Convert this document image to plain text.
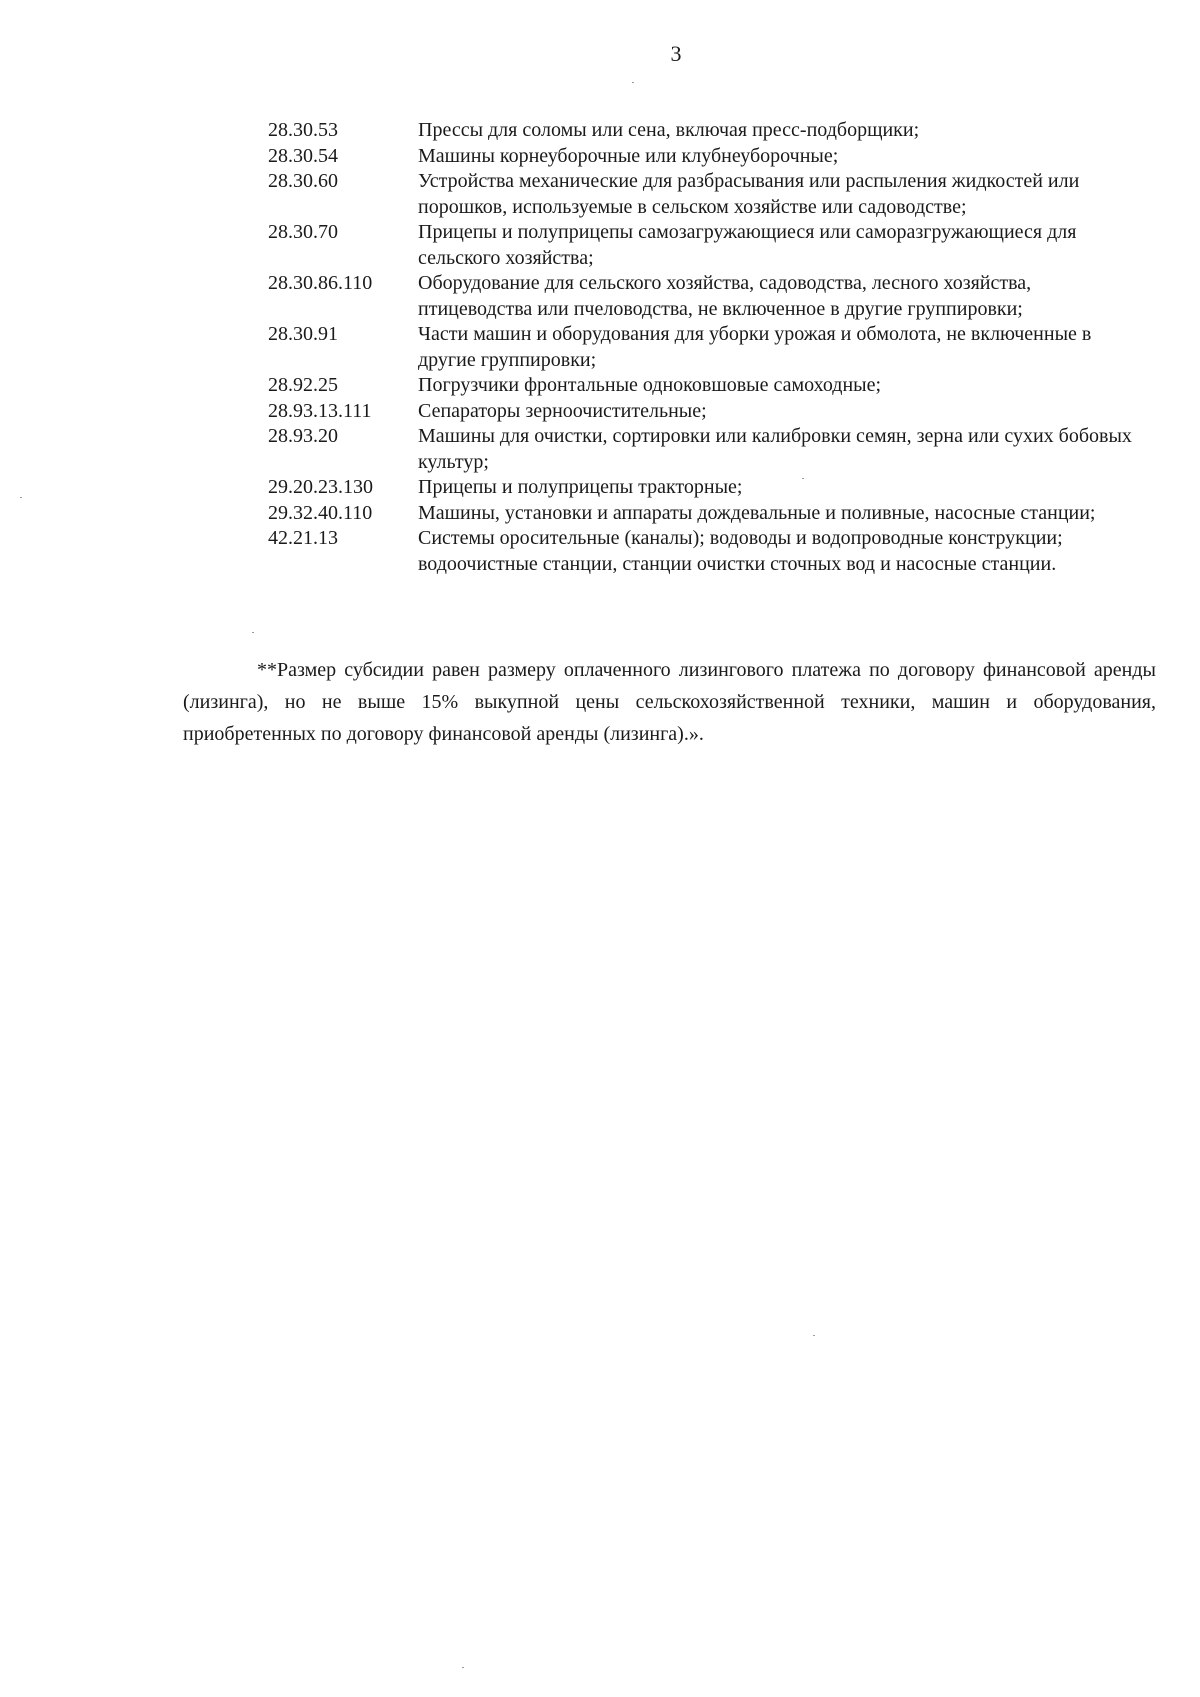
3
28.30.53	Прессы для соломы или сена, включая пресс-подборщики;
28.30.54	Машины корнеуборочные или клубнеуборочные;
28.30.60	Устройства механические для разбрасывания или распыления жидкостей или порошков, используемые в сельском хозяйстве или садоводстве;
28.30.70	Прицепы и полуприцепы самозагружающиеся или саморазгружающиеся для сельского хозяйства;
28.30.86.110	Оборудование для сельского хозяйства, садоводства, лесного хозяйства, птицеводства или пчеловодства, не включенное в другие группировки;
28.30.91	Части машин и оборудования для уборки урожая и обмолота, не включенные в другие группировки;
28.92.25	Погрузчики фронтальные одноковшовые самоходные;
28.93.13.111	Сепараторы зерноочистительные;
28.93.20	Машины для очистки, сортировки или калибровки семян, зерна или сухих бобовых культур;
29.20.23.130	Прицепы и полуприцепы тракторные;
29.32.40.110	Машины, установки и аппараты дождевальные и поливные, насосные станции;
42.21.13	Системы оросительные (каналы); водоводы и водопроводные конструкции; водоочистные станции, станции очистки сточных вод и насосные станции.

**Размер субсидии равен размеру оплаченного лизингового платежа по договору финансовой аренды (лизинга), но не выше 15% выкупной цены сельскохозяйственной техники, машин и оборудования, приобретенных по договору финансовой аренды (лизинга).».
